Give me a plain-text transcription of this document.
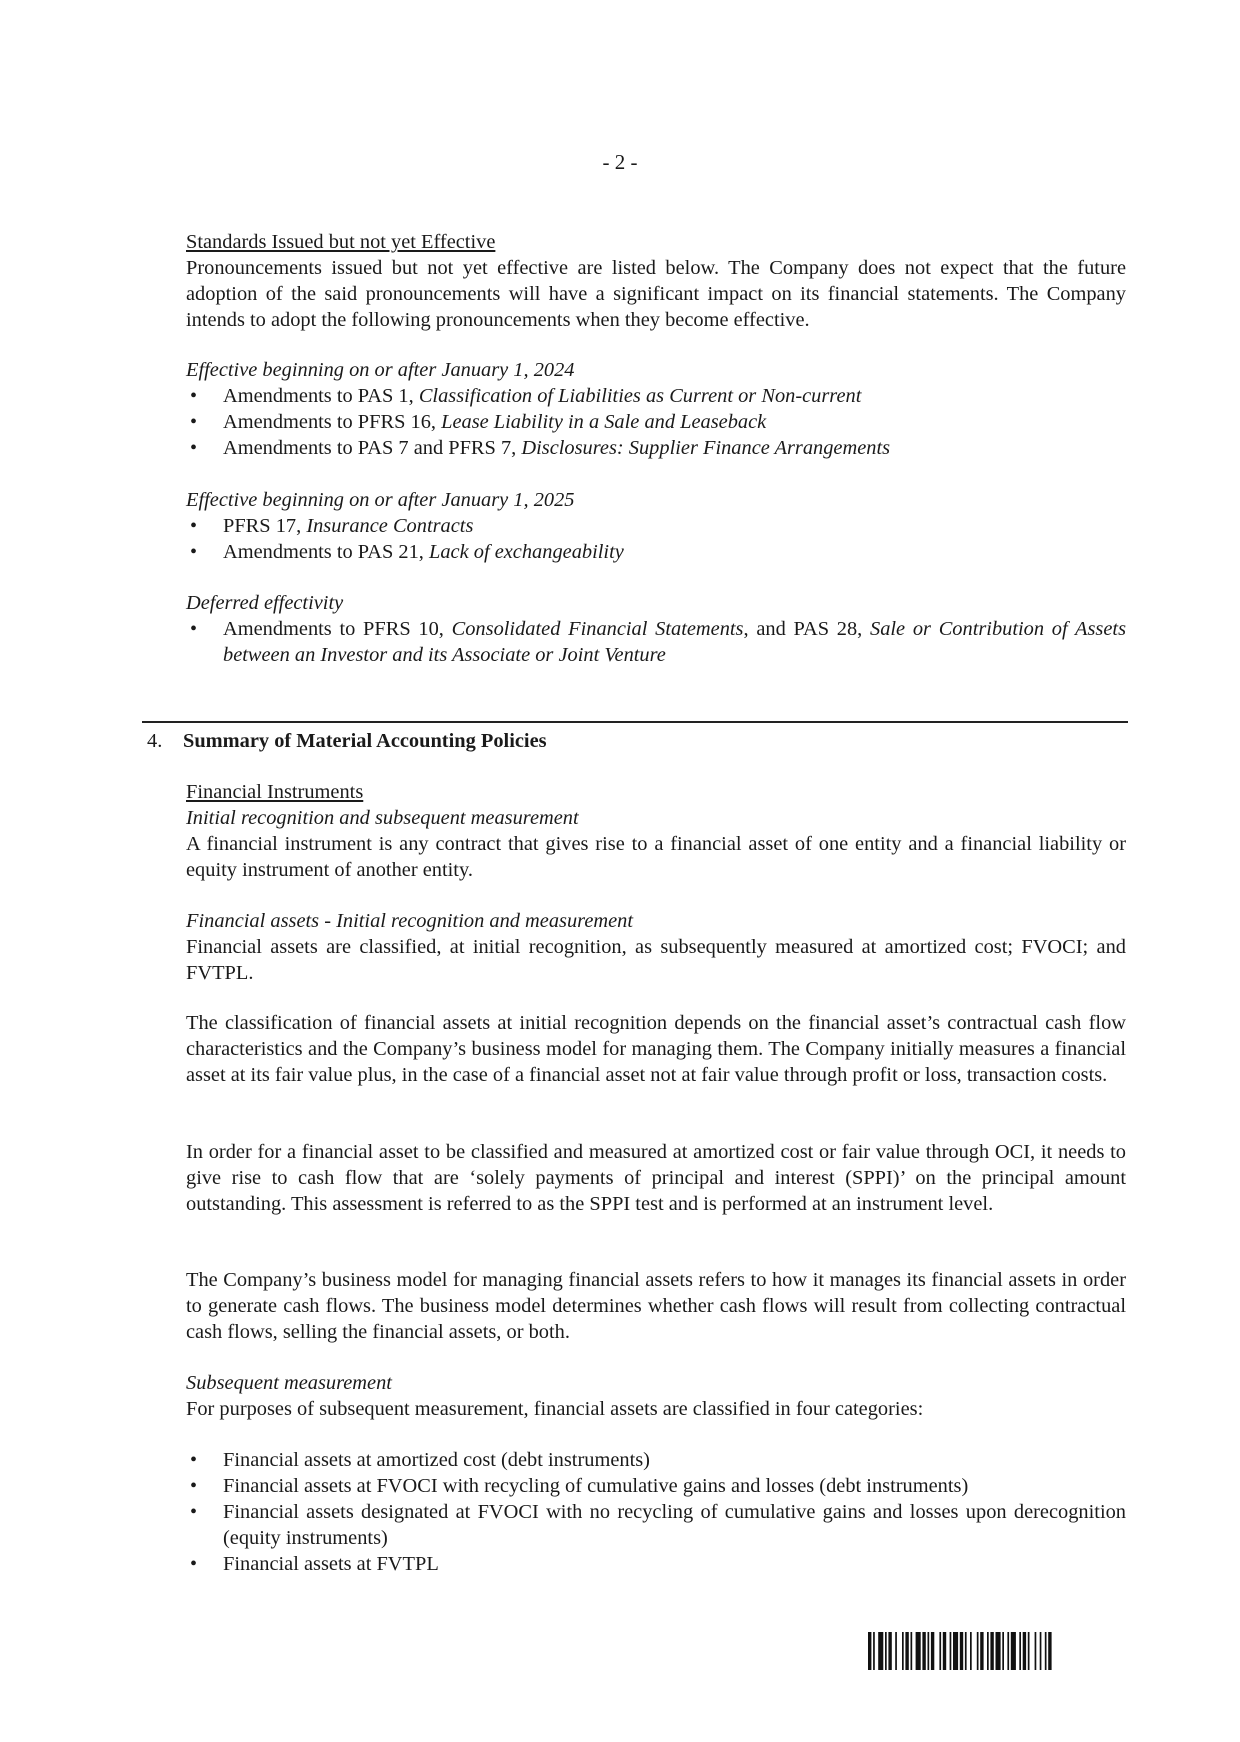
- 2 -

Standards Issued but not yet Effective

Pronouncements issued but not yet effective are listed below. The Company does not expect that the future adoption of the said pronouncements will have a significant impact on its financial statements. The Company intends to adopt the following pronouncements when they become effective.

Effective beginning on or after January 1, 2024

• Amendments to PAS 1, Classification of Liabilities as Current or Non-current
• Amendments to PFRS 16, Lease Liability in a Sale and Leaseback
• Amendments to PAS 7 and PFRS 7, Disclosures: Supplier Finance Arrangements

Effective beginning on or after January 1, 2025

• PFRS 17, Insurance Contracts
• Amendments to PAS 21, Lack of exchangeability

Deferred effectivity

• Amendments to PFRS 10, Consolidated Financial Statements, and PAS 28, Sale or Contribution of Assets between an Investor and its Associate or Joint Venture

4. Summary of Material Accounting Policies

Financial Instruments

Initial recognition and subsequent measurement

A financial instrument is any contract that gives rise to a financial asset of one entity and a financial liability or equity instrument of another entity.

Financial assets - Initial recognition and measurement

Financial assets are classified, at initial recognition, as subsequently measured at amortized cost; FVOCI; and FVTPL.

The classification of financial assets at initial recognition depends on the financial asset’s contractual cash flow characteristics and the Company’s business model for managing them. The Company initially measures a financial asset at its fair value plus, in the case of a financial asset not at fair value through profit or loss, transaction costs.

In order for a financial asset to be classified and measured at amortized cost or fair value through OCI, it needs to give rise to cash flow that are ‘solely payments of principal and interest (SPPI)’ on the principal amount outstanding. This assessment is referred to as the SPPI test and is performed at an instrument level.

The Company’s business model for managing financial assets refers to how it manages its financial assets in order to generate cash flows. The business model determines whether cash flows will result from collecting contractual cash flows, selling the financial assets, or both.

Subsequent measurement

For purposes of subsequent measurement, financial assets are classified in four categories:

• Financial assets at amortized cost (debt instruments)
• Financial assets at FVOCI with recycling of cumulative gains and losses (debt instruments)
• Financial assets designated at FVOCI with no recycling of cumulative gains and losses upon derecognition (equity instruments)
• Financial assets at FVTPL
